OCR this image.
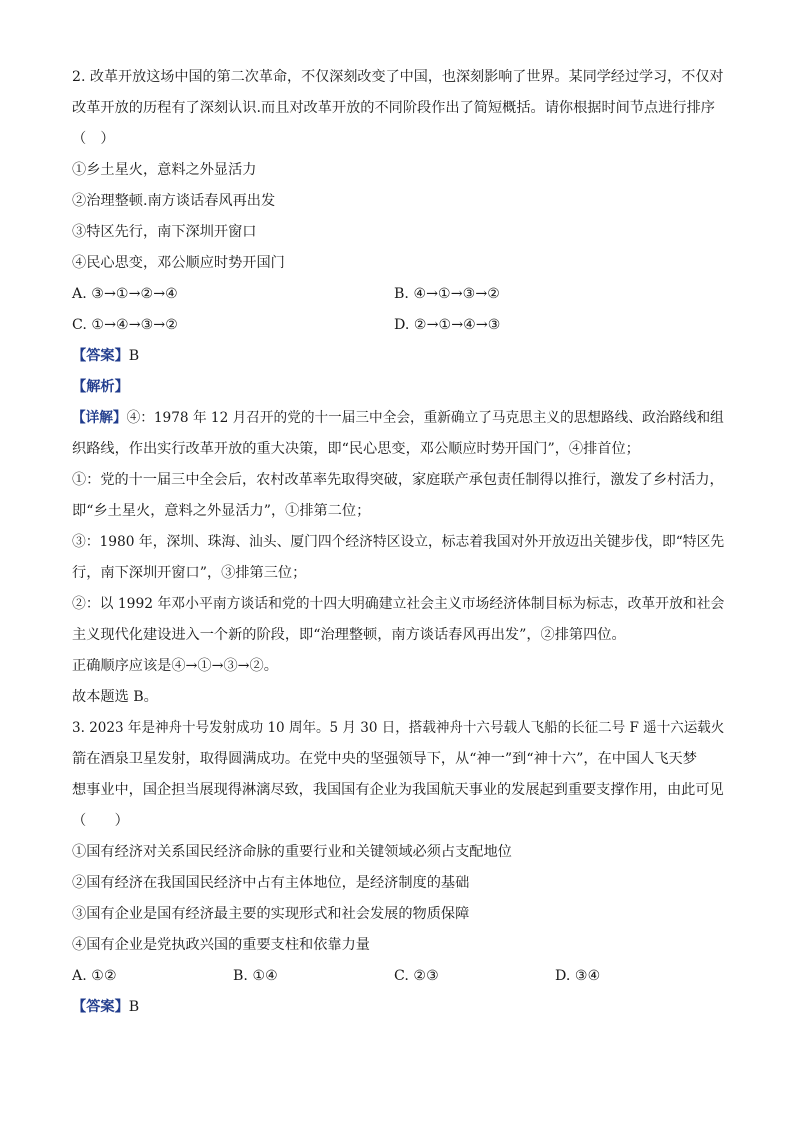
2. 改革开放这场中国的第二次革命，不仅深刻改变了中国，也深刻影响了世界。某同学经过学习，不仅对
改革开放的历程有了深刻认识.而且对改革开放的不同阶段作出了简短概括。请你根据时间节点进行排序
（　）
①乡土星火，意料之外显活力
②治理整顿.南方谈话春风再出发
③特区先行，南下深圳开窗口
④民心思变，邓公顺应时势开国门
A. ③→①→②→④	B. ④→①→③→②
C. ①→④→③→②	D. ②→①→④→③
【答案】B
【解析】
【详解】④：1978 年 12 月召开的党的十一届三中全会，重新确立了马克思主义的思想路线、政治路线和组
织路线，作出实行改革开放的重大决策，即“民心思变，邓公顺应时势开国门”，④排首位；
①：党的十一届三中全会后，农村改革率先取得突破，家庭联产承包责任制得以推行，激发了乡村活力，
即“乡土星火，意料之外显活力”，①排第二位；
③：1980 年，深圳、珠海、汕头、厦门四个经济特区设立，标志着我国对外开放迈出关键步伐，即“特区先
行，南下深圳开窗口”，③排第三位；
②：以 1992 年邓小平南方谈话和党的十四大明确建立社会主义市场经济体制目标为标志，改革开放和社会
主义现代化建设进入一个新的阶段，即“治理整顿，南方谈话春风再出发”，②排第四位。
正确顺序应该是④→①→③→②。
故本题选 B。
3. 2023 年是神舟十号发射成功 10 周年。5 月 30 日，搭载神舟十六号载人飞船的长征二号 F 遥十六运载火
箭在酒泉卫星发射，取得圆满成功。在党中央的坚强领导下，从“神一”到“神十六”，在中国人飞天梦
想事业中，国企担当展现得淋漓尽致，我国国有企业为我国航天事业的发展起到重要支撑作用，由此可见
（　　）
①国有经济对关系国民经济命脉的重要行业和关键领域必须占支配地位
②国有经济在我国国民经济中占有主体地位，是经济制度的基础
③国有企业是国有经济最主要的实现形式和社会发展的物质保障
④国有企业是党执政兴国的重要支柱和依靠力量
A. ①②	B. ①④	C. ②③	D. ③④
【答案】B
